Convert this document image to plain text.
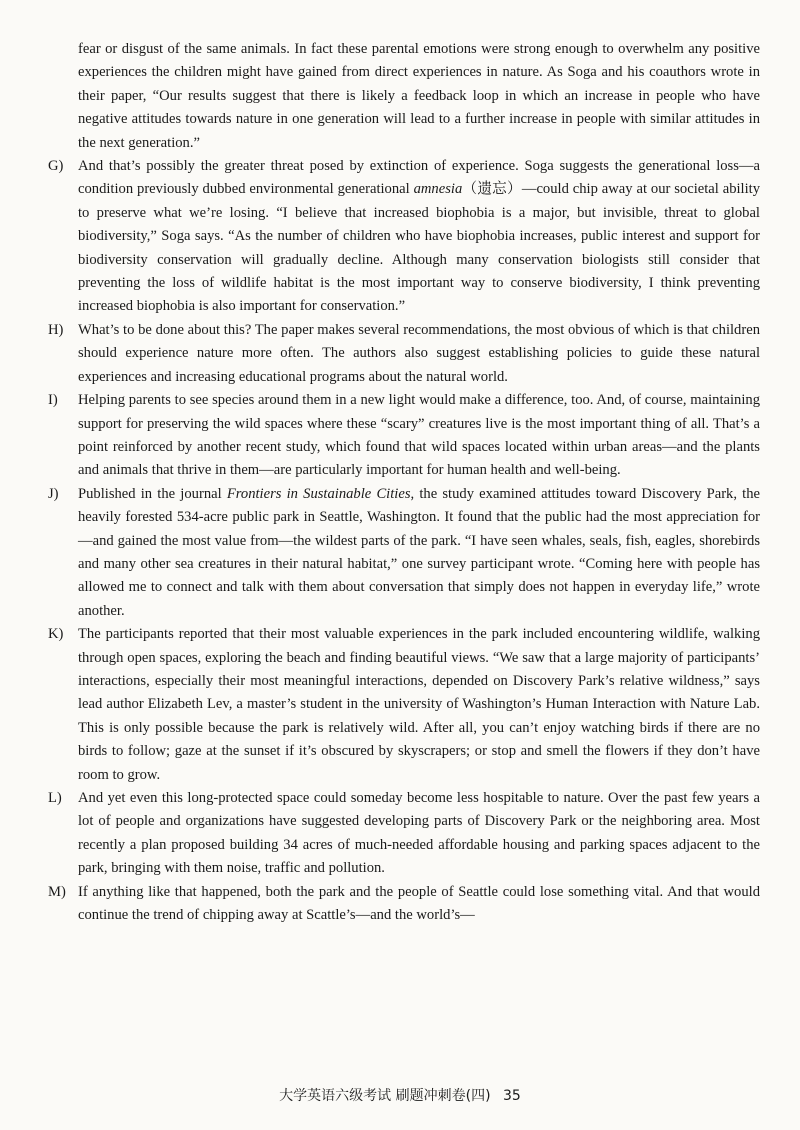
fear or disgust of the same animals. In fact these parental emotions were strong enough to overwhelm any positive experiences the children might have gained from direct experiences in nature. As Soga and his coauthors wrote in their paper, “Our results suggest that there is likely a feedback loop in which an increase in people who have negative attitudes towards nature in one generation will lead to a further increase in people with similar attitudes in the next generation.”

G) And that’s possibly the greater threat posed by extinction of experience. Soga suggests the generational loss—a condition previously dubbed environmental generational amnesia（遗忘）—could chip away at our societal ability to preserve what we’re losing. “I believe that increased biophobia is a major, but invisible, threat to global biodiversity,” Soga says. “As the number of children who have biophobia increases, public interest and support for biodiversity conservation will gradually decline. Although many conservation biologists still consider that preventing the loss of wildlife habitat is the most important way to conserve biodiversity, I think preventing increased biophobia is also important for conservation.”

H) What’s to be done about this? The paper makes several recommendations, the most obvious of which is that children should experience nature more often. The authors also suggest establishing policies to guide these natural experiences and increasing educational programs about the natural world.

I)	Helping parents to see species around them in a new light would make a difference, too. And, of course, maintaining support for preserving the wild spaces where these “scary” creatures live is the most important thing of all. That’s a point reinforced by another recent study, which found that wild spaces located within urban areas—and the plants and animals that thrive in them—are particularly important for human health and well-being.

J)	Published in the journal Frontiers in Sustainable Cities, the study examined attitudes toward Discovery Park, the heavily forested 534-acre public park in Seattle, Washington. It found that the public had the most appreciation for—and gained the most value from—the wildest parts of the park. “I have seen whales, seals, fish, eagles, shorebirds and many other sea creatures in their natural habitat,” one survey participant wrote. “Coming here with people has allowed me to connect and talk with them about conversation that simply does not happen in everyday life,” wrote another.

K) The participants reported that their most valuable experiences in the park included encountering wildlife, walking through open spaces, exploring the beach and finding beautiful views. “We saw that a large majority of participants’ interactions, especially their most meaningful interactions, depended on Discovery Park’s relative wildness,” says lead author Elizabeth Lev, a master’s student in the university of Washington’s Human Interaction with Nature Lab. This is only possible because the park is relatively wild. After all, you can’t enjoy watching birds if there are no birds to follow; gaze at the sunset if it’s obscured by skyscrapers; or stop and smell the flowers if they don’t have room to grow.

L)	And yet even this long-protected space could someday become less hospitable to nature. Over the past few years a lot of people and organizations have suggested developing parts of Discovery Park or the neighboring area. Most recently a plan proposed building 34 acres of much-needed affordable housing and parking spaces adjacent to the park, bringing with them noise, traffic and pollution.

M) If anything like that happened, both the park and the people of Seattle could lose something vital. And that would continue the trend of chipping away at Scattle’s—and the world’s—

大学英语六级考试 刷题冲刺卷(四) 35
